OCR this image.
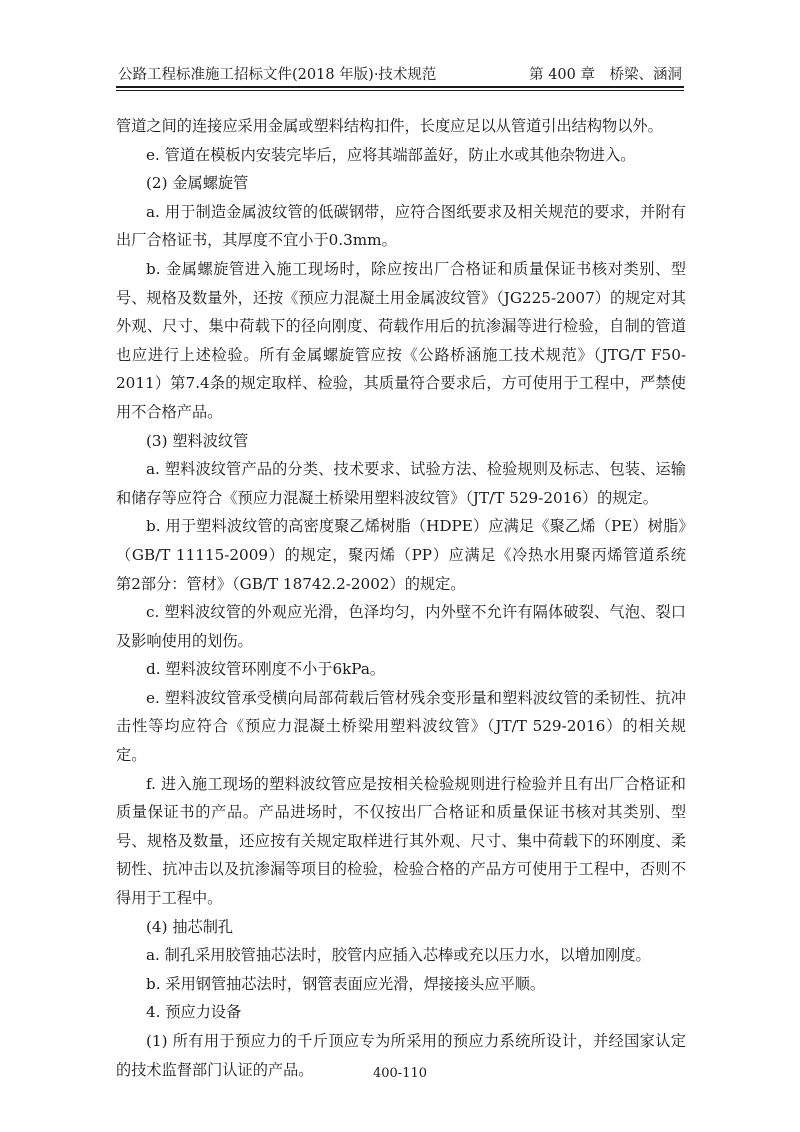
公路工程标准施工招标文件(2018 年版)·技术规范	第 400 章　桥梁、涵洞

管道之间的连接应采用金属或塑料结构扣件，长度应足以从管道引出结构物以外。

e. 管道在模板内安装完毕后，应将其端部盖好，防止水或其他杂物进入。

(2) 金属螺旋管

a. 用于制造金属波纹管的低碳钢带，应符合图纸要求及相关规范的要求，并附有出厂合格证书，其厚度不宜小于0.3mm。

b. 金属螺旋管进入施工现场时，除应按出厂合格证和质量保证书核对类别、型号、规格及数量外，还按《预应力混凝土用金属波纹管》（JG225-2007）的规定对其外观、尺寸、集中荷载下的径向刚度、荷载作用后的抗渗漏等进行检验，自制的管道也应进行上述检验。所有金属螺旋管应按《公路桥涵施工技术规范》（JTG/T F50-2011）第7.4条的规定取样、检验，其质量符合要求后，方可使用于工程中，严禁使用不合格产品。

(3) 塑料波纹管

a. 塑料波纹管产品的分类、技术要求、试验方法、检验规则及标志、包装、运输和储存等应符合《预应力混凝土桥梁用塑料波纹管》（JT/T 529-2016）的规定。

b. 用于塑料波纹管的高密度聚乙烯树脂（HDPE）应满足《聚乙烯（PE）树脂》（GB/T 11115-2009）的规定，聚丙烯（PP）应满足《冷热水用聚丙烯管道系统　第2部分：管材》（GB/T 18742.2-2002）的规定。

c. 塑料波纹管的外观应光滑，色泽均匀，内外壁不允许有隔体破裂、气泡、裂口及影响使用的划伤。

d. 塑料波纹管环刚度不小于6kPa。

e. 塑料波纹管承受横向局部荷载后管材残余变形量和塑料波纹管的柔韧性、抗冲击性等均应符合《预应力混凝土桥梁用塑料波纹管》（JT/T 529-2016）的相关规定。

f. 进入施工现场的塑料波纹管应是按相关检验规则进行检验并且有出厂合格证和质量保证书的产品。产品进场时，不仅按出厂合格证和质量保证书核对其类别、型号、规格及数量，还应按有关规定取样进行其外观、尺寸、集中荷载下的环刚度、柔韧性、抗冲击以及抗渗漏等项目的检验，检验合格的产品方可使用于工程中，否则不得用于工程中。

(4) 抽芯制孔

a. 制孔采用胶管抽芯法时，胶管内应插入芯棒或充以压力水，以增加刚度。

b. 采用钢管抽芯法时，钢管表面应光滑，焊接接头应平顺。

4. 预应力设备

(1) 所有用于预应力的千斤顶应专为所采用的预应力系统所设计，并经国家认定的技术监督部门认证的产品。	400-110
